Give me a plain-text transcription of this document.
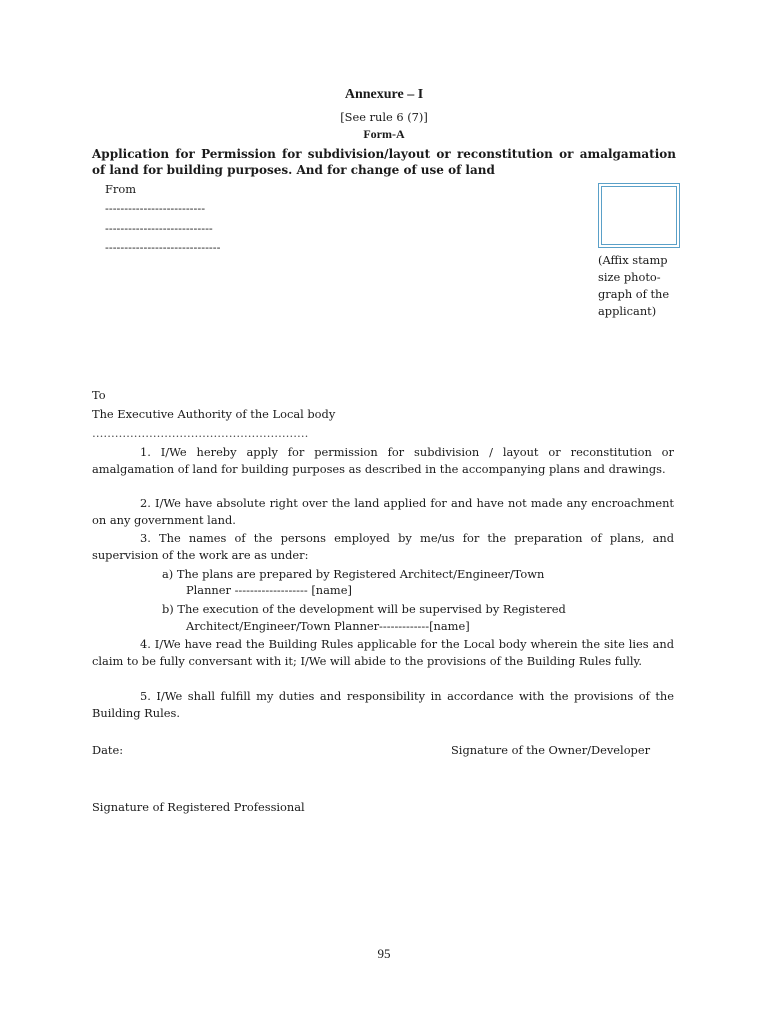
Annexure – I
[See rule 6 (7)]
Form-A
Application for Permission for subdivision/layout or reconstitution or amalgamation of land for building purposes. And for change of use of land
From
--------------------------
----------------------------
------------------------------
(Affix stamp
size photo-
graph of the
applicant)
To
The Executive Authority of the Local body
…………………………………………………
1. I/We hereby apply for permission for subdivision / layout or reconstitution or amalgamation of land for building purposes as described in the accompanying plans and drawings.
2. I/We have absolute right over the land applied for and have not made any encroachment on any government land.
3. The names of the persons employed by me/us for the preparation of plans, and supervision of the work are as under:
a) The plans are prepared by Registered Architect/Engineer/Town
Planner ------------------- [name]
b) The execution of the development will be supervised by Registered
Architect/Engineer/Town Planner-------------[name]
4. I/We have read the Building Rules applicable for the Local body wherein the site lies and claim to be fully conversant with it; I/We will abide to the provisions of the Building Rules fully.
5. I/We shall fulfill my duties and responsibility in accordance with the provisions of the Building Rules.
Date:	Signature of the Owner/Developer
Signature of Registered Professional
95
